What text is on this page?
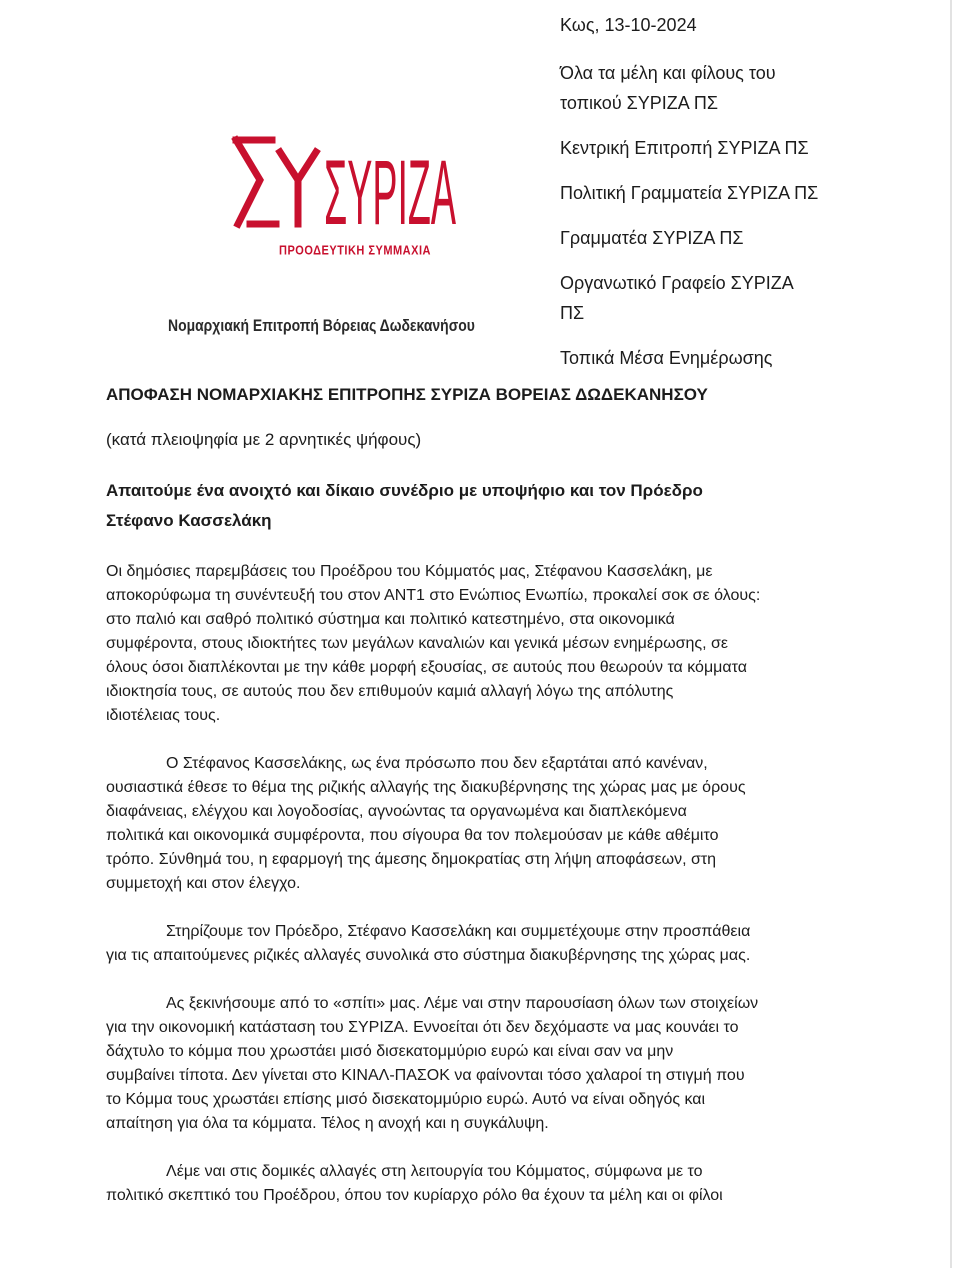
ΣΥΡΙΖΑ
ΠΡΟΟΔΕΥΤΙΚΗ ΣΥΜΜΑΧΙΑ
Νομαρχιακή Επιτροπή Βόρειας Δωδεκανήσου
Κως, 13-10-2024
Όλα τα μέλη και φίλους του
τοπικού ΣΥΡΙΖΑ ΠΣ
Κεντρική Επιτροπή ΣΥΡΙΖΑ ΠΣ
Πολιτική Γραμματεία ΣΥΡΙΖΑ ΠΣ
Γραμματέα ΣΥΡΙΖΑ ΠΣ
Οργανωτικό Γραφείο ΣΥΡΙΖΑ
ΠΣ
Τοπικά Μέσα Ενημέρωσης
ΑΠΟΦΑΣΗ ΝΟΜΑΡΧΙΑΚΗΣ ΕΠΙΤΡΟΠΗΣ ΣΥΡΙΖΑ ΒΟΡΕΙΑΣ ΔΩΔΕΚΑΝΗΣΟΥ
(κατά πλειοψηφία με 2 αρνητικές ψήφους)
Απαιτούμε ένα ανοιχτό και δίκαιο συνέδριο με υποψήφιο και τον Πρόεδρο
Στέφανο Κασσελάκη

Οι δημόσιες παρεμβάσεις του Προέδρου του Κόμματός μας, Στέφανου Κασσελάκη, με
αποκορύφωμα τη συνέντευξή του στον ΑΝΤ1 στο Ενώπιος Ενωπίω, προκαλεί σοκ σε όλους:
στο παλιό και σαθρό πολιτικό σύστημα και πολιτικό κατεστημένο, στα οικονομικά
συμφέροντα, στους ιδιοκτήτες των μεγάλων καναλιών και γενικά μέσων ενημέρωσης, σε
όλους όσοι διαπλέκονται με την κάθε μορφή εξουσίας, σε αυτούς που θεωρούν τα κόμματα
ιδιοκτησία τους, σε αυτούς που δεν επιθυμούν καμιά αλλαγή λόγω της απόλυτης
ιδιοτέλειας τους.

Ο Στέφανος Κασσελάκης, ως ένα πρόσωπο που δεν εξαρτάται από κανέναν,
ουσιαστικά έθεσε το θέμα της ριζικής αλλαγής της διακυβέρνησης της χώρας μας με όρους
διαφάνειας, ελέγχου και λογοδοσίας, αγνοώντας τα οργανωμένα και διαπλεκόμενα
πολιτικά και οικονομικά συμφέροντα, που σίγουρα θα τον πολεμούσαν με κάθε αθέμιτο
τρόπο. Σύνθημά του, η εφαρμογή της άμεσης δημοκρατίας στη λήψη αποφάσεων, στη
συμμετοχή και στον έλεγχο.

Στηρίζουμε τον Πρόεδρο, Στέφανο Κασσελάκη και συμμετέχουμε στην προσπάθεια
για τις απαιτούμενες ριζικές αλλαγές συνολικά στο σύστημα διακυβέρνησης της χώρας μας.

Ας ξεκινήσουμε από το «σπίτι» μας. Λέμε ναι στην παρουσίαση όλων των στοιχείων
για την οικονομική κατάσταση του ΣΥΡΙΖΑ. Εννοείται ότι δεν δεχόμαστε να μας κουνάει το
δάχτυλο το κόμμα που χρωστάει μισό δισεκατομμύριο ευρώ και είναι σαν να μην
συμβαίνει τίποτα. Δεν γίνεται στο ΚΙΝΑΛ-ΠΑΣΟΚ να φαίνονται τόσο χαλαροί τη στιγμή που
το Κόμμα τους χρωστάει επίσης μισό δισεκατομμύριο ευρώ. Αυτό να είναι οδηγός και
απαίτηση για όλα τα κόμματα. Τέλος η ανοχή και η συγκάλυψη.

Λέμε ναι στις δομικές αλλαγές στη λειτουργία του Κόμματος, σύμφωνα με το
πολιτικό σκεπτικό του Προέδρου, όπου τον κυρίαρχο ρόλο θα έχουν τα μέλη και οι φίλοι
